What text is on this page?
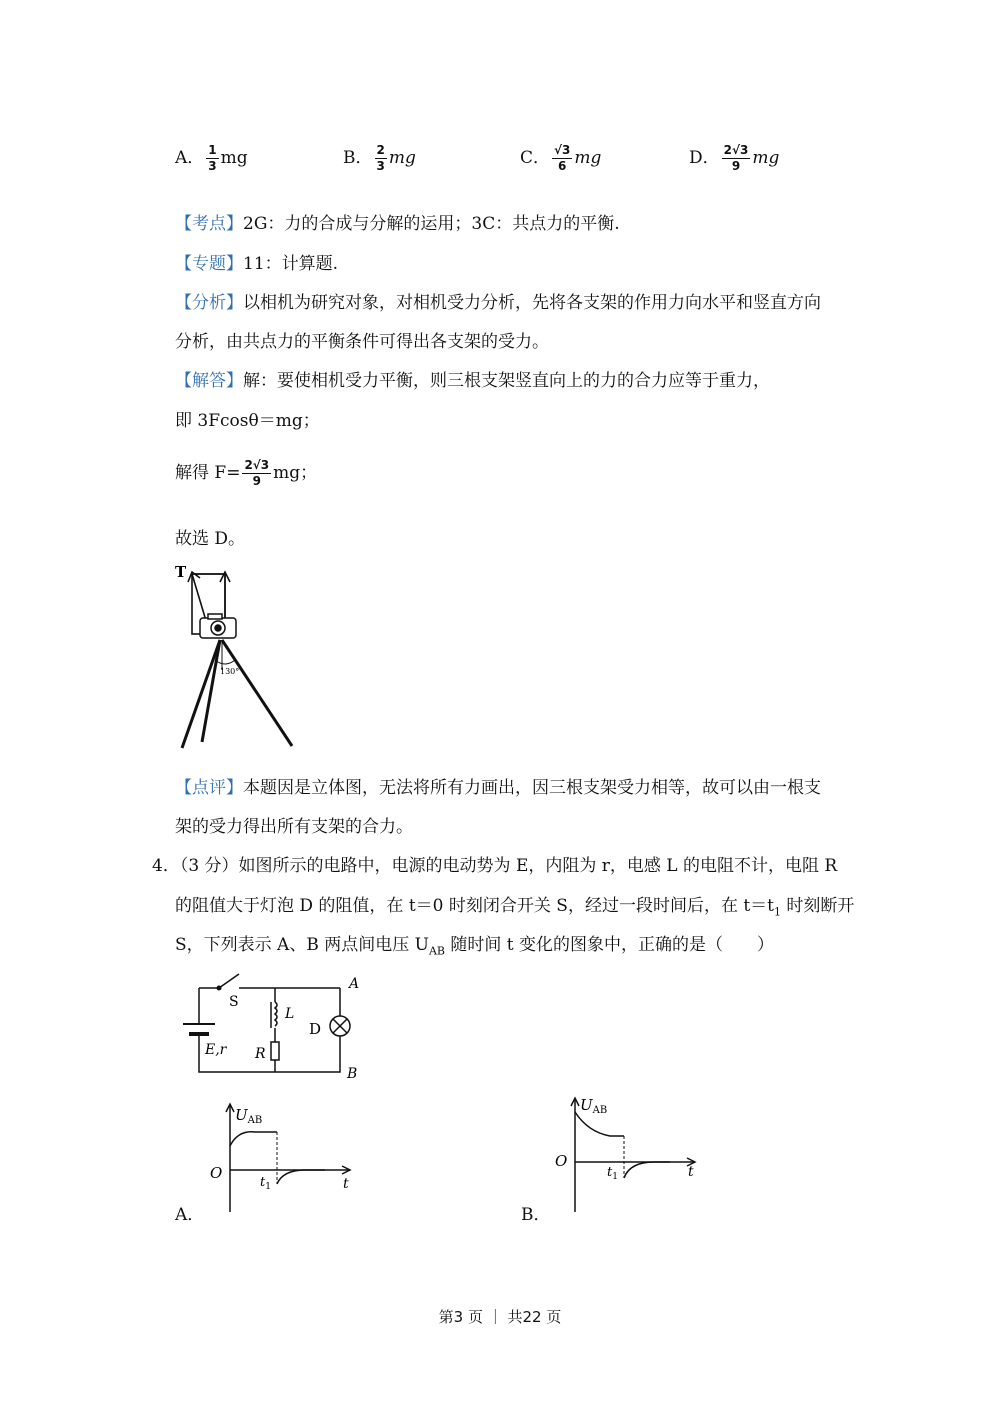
A． $\frac{1}{3}$ mg	B． $\frac{2}{3}$ mg	C． $\frac{√3}{6}$ mg	D． $\frac{2√3}{9}$ mg
【考点】2G：力的合成与分解的运用；3C：共点力的平衡.
【专题】11：计算题.
【分析】以相机为研究对象，对相机受力分析，先将各支架的作用力向水平和竖直方向
分析，由共点力的平衡条件可得出各支架的受力。
【解答】解：要使相机受力平衡，则三根支架竖直向上的力的合力应等于重力，
即 3Fcosθ＝mg；
解得 $F= \frac{2√3}{9}$ mg；
故选 D。
T
130°
【点评】本题因是立体图，无法将所有力画出，因三根支架受力相等，故可以由一根支
架的受力得出所有支架的合力。
4．（3 分）如图所示的电路中，电源的电动势为 E，内阻为 r，电感 L 的电阻不计，电阻 R
的阻值大于灯泡 D 的阻值，在 t＝0 时刻闭合开关 S，经过一段时间后，在 $t=t_1$ 时刻断开
S，下列表示 A、B 两点间电压 $U_{AB}$ 随时间 t 变化的图象中，正确的是（　　）
S
L
D
A
B
E,r R
A．
$U_{AB}$
O
$t_1$	t
B．
$U_{AB}$
O
$t_1$	t
第3 页 ｜ 共22 页
